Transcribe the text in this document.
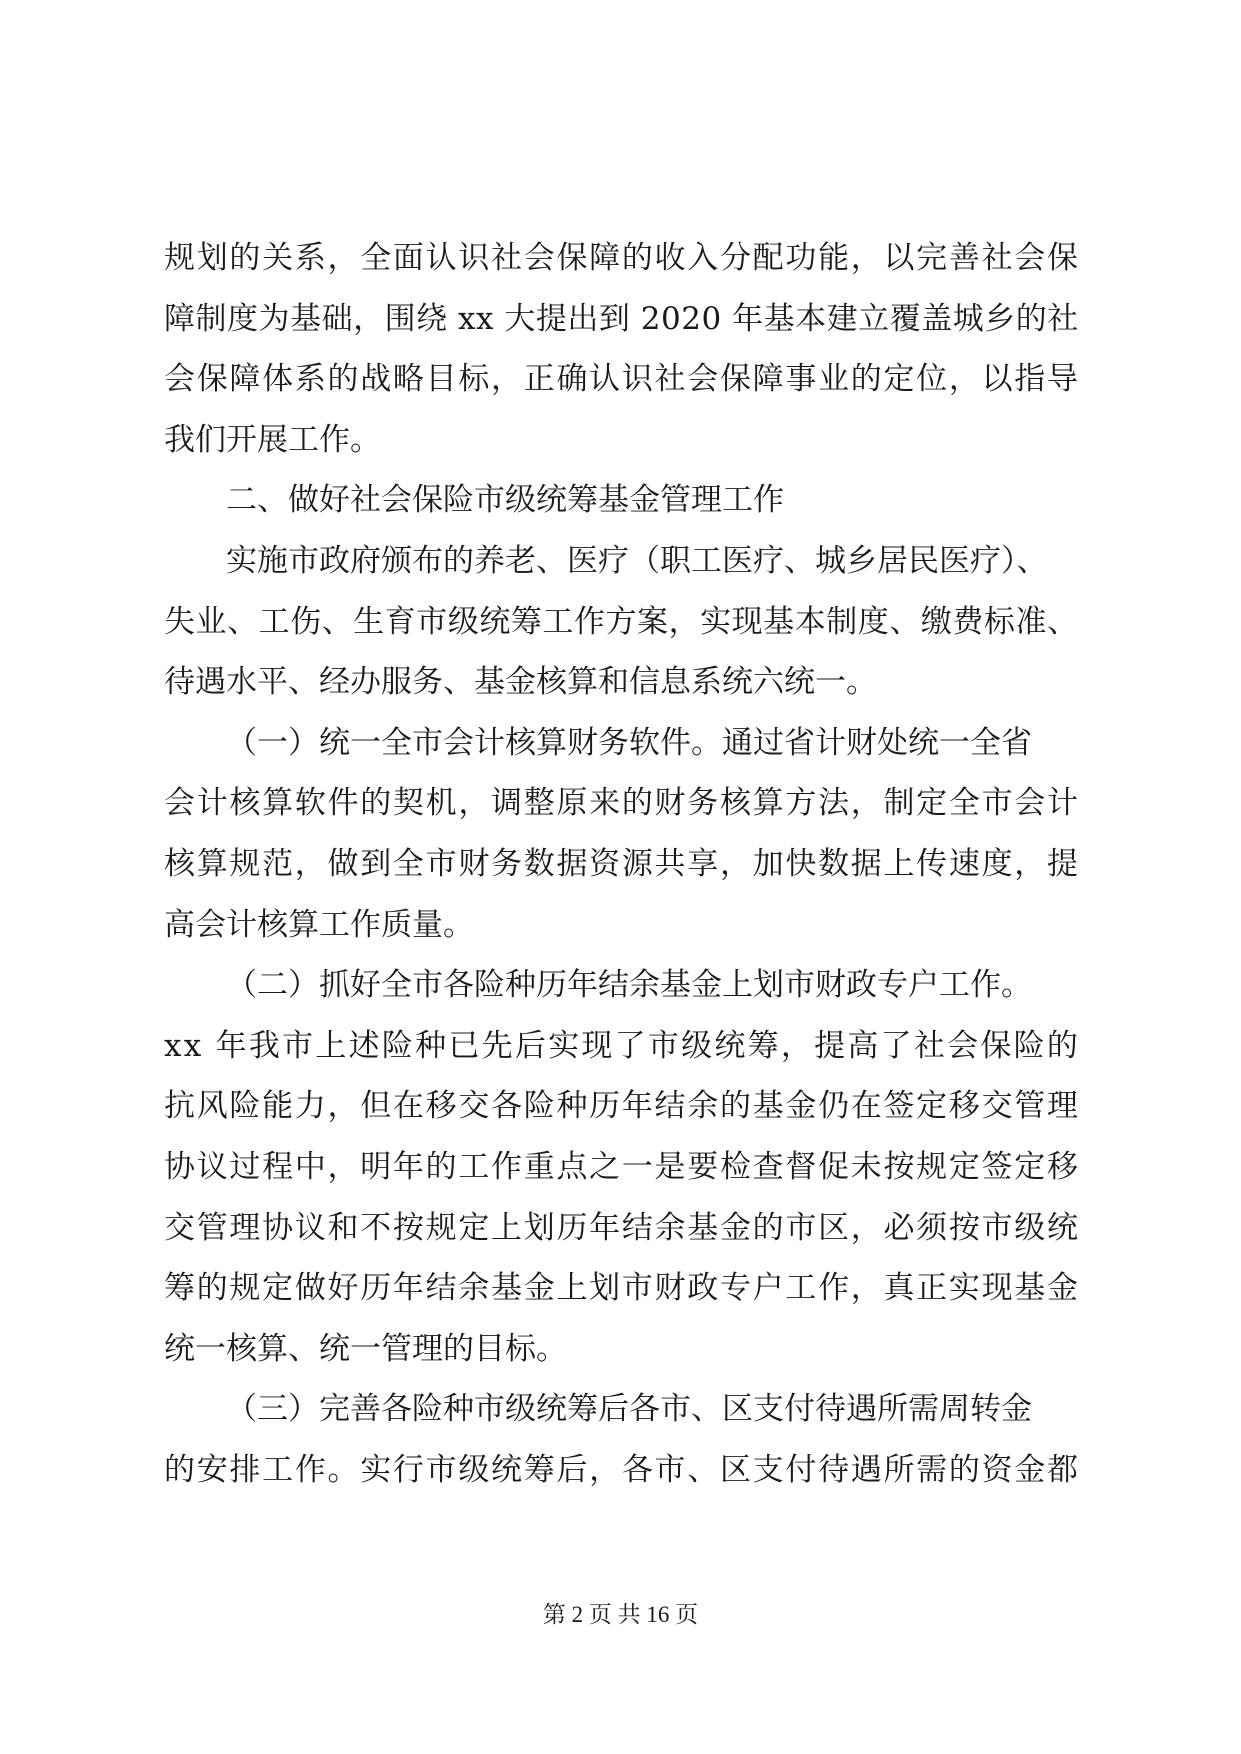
规划的关系，全面认识社会保障的收入分配功能，以完善社会保
障制度为基础，围绕 xx 大提出到 2020 年基本建立覆盖城乡的社
会保障体系的战略目标，正确认识社会保障事业的定位，以指导
我们开展工作。
二、做好社会保险市级统筹基金管理工作
实施市政府颁布的养老、医疗（职工医疗、城乡居民医疗）、
失业、工伤、生育市级统筹工作方案，实现基本制度、缴费标准、
待遇水平、经办服务、基金核算和信息系统六统一。
（一）统一全市会计核算财务软件。通过省计财处统一全省
会计核算软件的契机，调整原来的财务核算方法，制定全市会计
核算规范，做到全市财务数据资源共享，加快数据上传速度，提
高会计核算工作质量。
（二）抓好全市各险种历年结余基金上划市财政专户工作。
xx 年我市上述险种已先后实现了市级统筹，提高了社会保险的
抗风险能力，但在移交各险种历年结余的基金仍在签定移交管理
协议过程中，明年的工作重点之一是要检查督促未按规定签定移
交管理协议和不按规定上划历年结余基金的市区，必须按市级统
筹的规定做好历年结余基金上划市财政专户工作，真正实现基金
统一核算、统一管理的目标。
（三）完善各险种市级统筹后各市、区支付待遇所需周转金
的安排工作。实行市级统筹后，各市、区支付待遇所需的资金都
第 2 页 共 16 页
